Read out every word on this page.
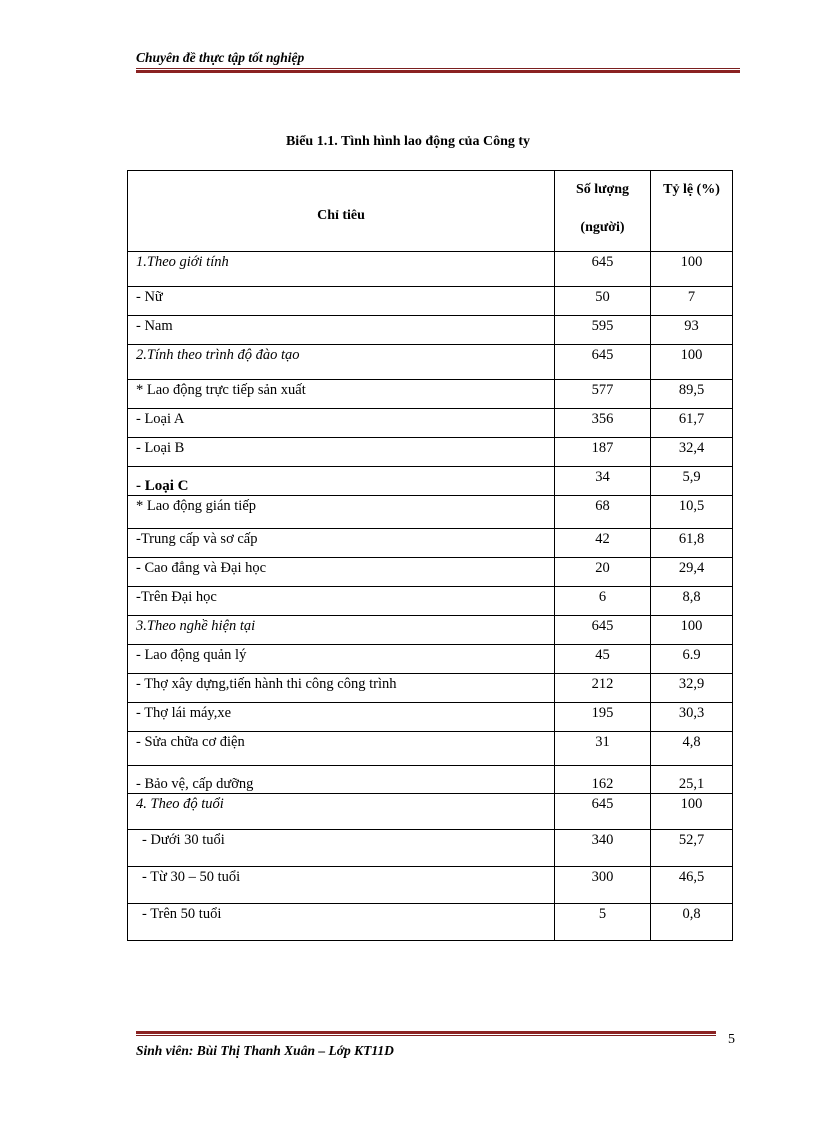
Chuyên đề thực tập tốt nghiệp
Biểu 1.1. Tình hình lao động của Công ty
Chỉ tiêu	Số lượng (người)	Tỷ lệ (%)
1.Theo giới tính	645	100
- Nữ	50	7
- Nam	595	93
2.Tính theo trình độ đào tạo	645	100
* Lao động trực tiếp sản xuất	577	89,5
- Loại A	356	61,7
- Loại B	187	32,4
- Loại C	34	5,9
* Lao động gián tiếp	68	10,5
-Trung cấp và sơ cấp	42	61,8
- Cao đẳng và Đại học	20	29,4
-Trên Đại học	6	8,8
3.Theo nghề hiện tại	645	100
- Lao động quản lý	45	6.9
- Thợ xây dựng,tiến hành thi công công trình	212	32,9
- Thợ lái máy,xe	195	30,3
- Sửa chữa cơ điện	31	4,8
- Bảo vệ, cấp dưỡng	162	25,1
4. Theo độ tuổi	645	100
- Dưới 30 tuổi	340	52,7
- Từ 30 – 50 tuổi	300	46,5
- Trên 50 tuổi	5	0,8
Sinh viên: Bùi Thị Thanh Xuân – Lớp KT11D
5
